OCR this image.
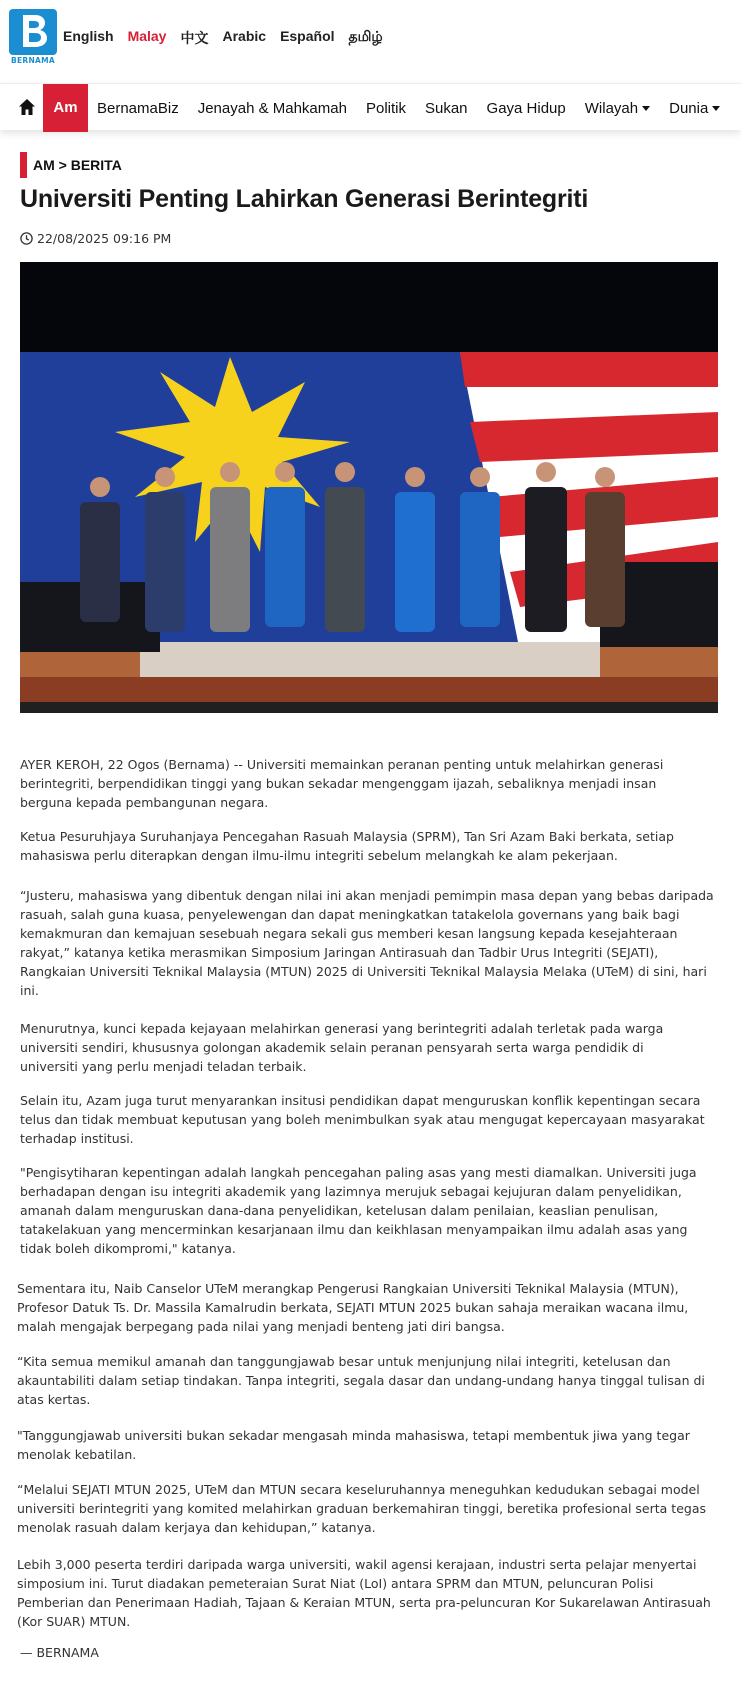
BERNAMA
English Malay 中文 Arabic Español தமிழ்
Am	BernamaBiz Jenayah & Mahkamah Politik Sukan Gaya Hidup Wilayah	Dunia
AM > BERITA
Universiti Penting Lahirkan Generasi Berintegriti
22/08/2025 09:16 PM

AYER KEROH, 22 Ogos (Bernama) -- Universiti memainkan peranan penting untuk melahirkan generasi berintegriti, berpendidikan tinggi yang bukan sekadar mengenggam ijazah, sebaliknya menjadi insan berguna kepada pembangunan negara.

Ketua Pesuruhjaya Suruhanjaya Pencegahan Rasuah Malaysia (SPRM), Tan Sri Azam Baki berkata, setiap mahasiswa perlu diterapkan dengan ilmu-ilmu integriti sebelum melangkah ke alam pekerjaan.

“Justeru, mahasiswa yang dibentuk dengan nilai ini akan menjadi pemimpin masa depan yang bebas daripada rasuah, salah guna kuasa, penyelewengan dan dapat meningkatkan tatakelola governans yang baik bagi kemakmuran dan kemajuan sesebuah negara sekali gus memberi kesan langsung kepada kesejahteraan rakyat,” katanya ketika merasmikan Simposium Jaringan Antirasuah dan Tadbir Urus Integriti (SEJATI), Rangkaian Universiti Teknikal Malaysia (MTUN) 2025 di Universiti Teknikal Malaysia Melaka (UTeM) di sini, hari ini.

Menurutnya, kunci kepada kejayaan melahirkan generasi yang berintegriti adalah terletak pada warga universiti sendiri, khususnya golongan akademik selain peranan pensyarah serta warga pendidik di universiti yang perlu menjadi teladan terbaik.

Selain itu, Azam juga turut menyarankan insitusi pendidikan dapat menguruskan konflik kepentingan secara telus dan tidak membuat keputusan yang boleh menimbulkan syak atau mengugat kepercayaan masyarakat terhadap institusi.

"Pengisytiharan kepentingan adalah langkah pencegahan paling asas yang mesti diamalkan. Universiti juga berhadapan dengan isu integriti akademik yang lazimnya merujuk sebagai kejujuran dalam penyelidikan, amanah dalam menguruskan dana-dana penyelidikan, ketelusan dalam penilaian, keaslian penulisan, tatakelakuan yang mencerminkan kesarjanaan ilmu dan keikhlasan menyampaikan ilmu adalah asas yang tidak boleh dikompromi," katanya.

Sementara itu, Naib Canselor UTeM merangkap Pengerusi Rangkaian Universiti Teknikal Malaysia (MTUN), Profesor Datuk Ts. Dr. Massila Kamalrudin berkata, SEJATI MTUN 2025 bukan sahaja meraikan wacana ilmu, malah mengajak berpegang pada nilai yang menjadi benteng jati diri bangsa.

“Kita semua memikul amanah dan tanggungjawab besar untuk menjunjung nilai integriti, ketelusan dan akauntabiliti dalam setiap tindakan. Tanpa integriti, segala dasar dan undang-undang hanya tinggal tulisan di atas kertas.

"Tanggungjawab universiti bukan sekadar mengasah minda mahasiswa, tetapi membentuk jiwa yang tegar menolak kebatilan.

“Melalui SEJATI MTUN 2025, UTeM dan MTUN secara keseluruhannya meneguhkan kedudukan sebagai model universiti berintegriti yang komited melahirkan graduan berkemahiran tinggi, beretika profesional serta tegas menolak rasuah dalam kerjaya dan kehidupan,” katanya.

Lebih 3,000 peserta terdiri daripada warga universiti, wakil agensi kerajaan, industri serta pelajar menyertai simposium ini. Turut diadakan pemeteraian Surat Niat (LoI) antara SPRM dan MTUN, peluncuran Polisi Pemberian dan Penerimaan Hadiah, Tajaan & Keraian MTUN, serta pra-peluncuran Kor Sukarelawan Antirasuah (Kor SUAR) MTUN.

— BERNAMA
